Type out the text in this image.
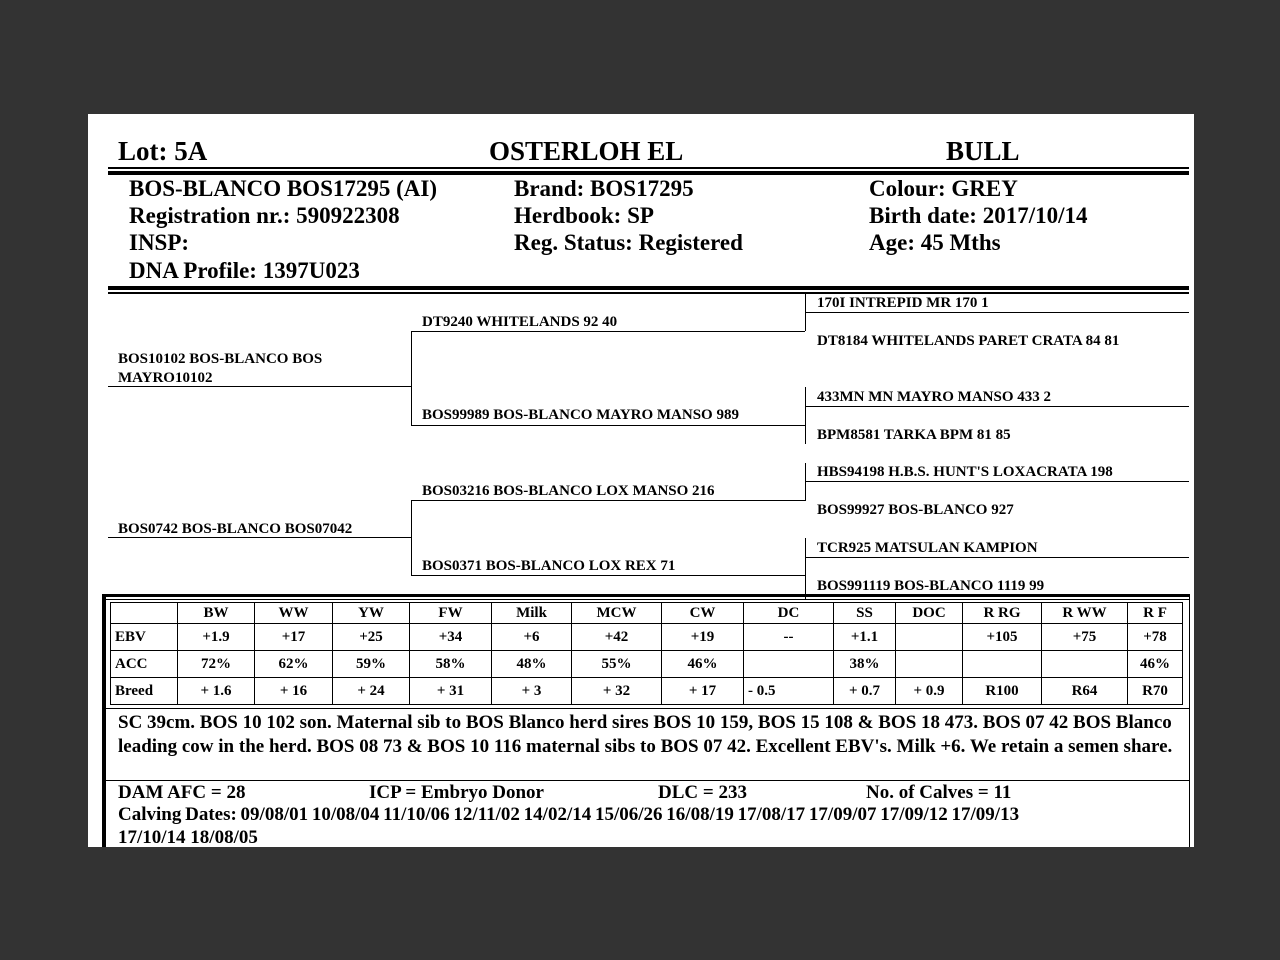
Lot: 5A	OSTERLOH EL	BULL
BOS-BLANCO BOS17295 (AI)
Registration nr.: 590922308
INSP:
DNA Profile: 1397U023
Brand: BOS17295
Herdbook: SP
Reg. Status: Registered
Colour: GREY
Birth date: 2017/10/14
Age: 45 Mths
BOS10102 BOS-BLANCO BOS
MAYRO10102
BOS0742 BOS-BLANCO BOS07042
DT9240 WHITELANDS 92 40
BOS99989 BOS-BLANCO MAYRO MANSO 989
BOS03216 BOS-BLANCO LOX MANSO 216
BOS0371 BOS-BLANCO LOX REX 71
170I INTREPID MR 170 1
DT8184 WHITELANDS PARET CRATA 84 81
433MN MN MAYRO MANSO 433 2
BPM8581 TARKA BPM 81 85
HBS94198 H.B.S. HUNT'S LOXACRATA 198
BOS99927 BOS-BLANCO 927
TCR925 MATSULAN KAMPION
BOS991119 BOS-BLANCO 1119 99
	BW	WW	YW	FW	Milk	MCW	CW	DC	SS	DOC	R RG	R WW	R F
EBV	+1.9	+17	+25	+34	+6	+42	+19	--	+1.1		+105	+75	+78
ACC	72%	62%	59%	58%	48%	55%	46%		38%				46%
Breed	+ 1.6	+ 16	+ 24	+ 31	+ 3	+ 32	+ 17	- 0.5	+ 0.7	+ 0.9	R100	R64	R70
SC 39cm. BOS 10 102 son. Maternal sib to BOS Blanco herd sires BOS 10 159, BOS 15 108 & BOS 18 473. BOS 07 42 BOS Blanco leading cow in the herd. BOS 08 73 & BOS 10 116 maternal sibs to BOS 07 42. Excellent EBV's. Milk +6. We retain a semen share.
DAM AFC = 28	ICP = Embryo Donor	DLC = 233	No. of Calves = 11
Calving Dates: 09/08/01 10/08/04 11/10/06 12/11/02 14/02/14 15/06/26 16/08/19 17/08/17 17/09/07 17/09/12 17/09/13
17/10/14 18/08/05
